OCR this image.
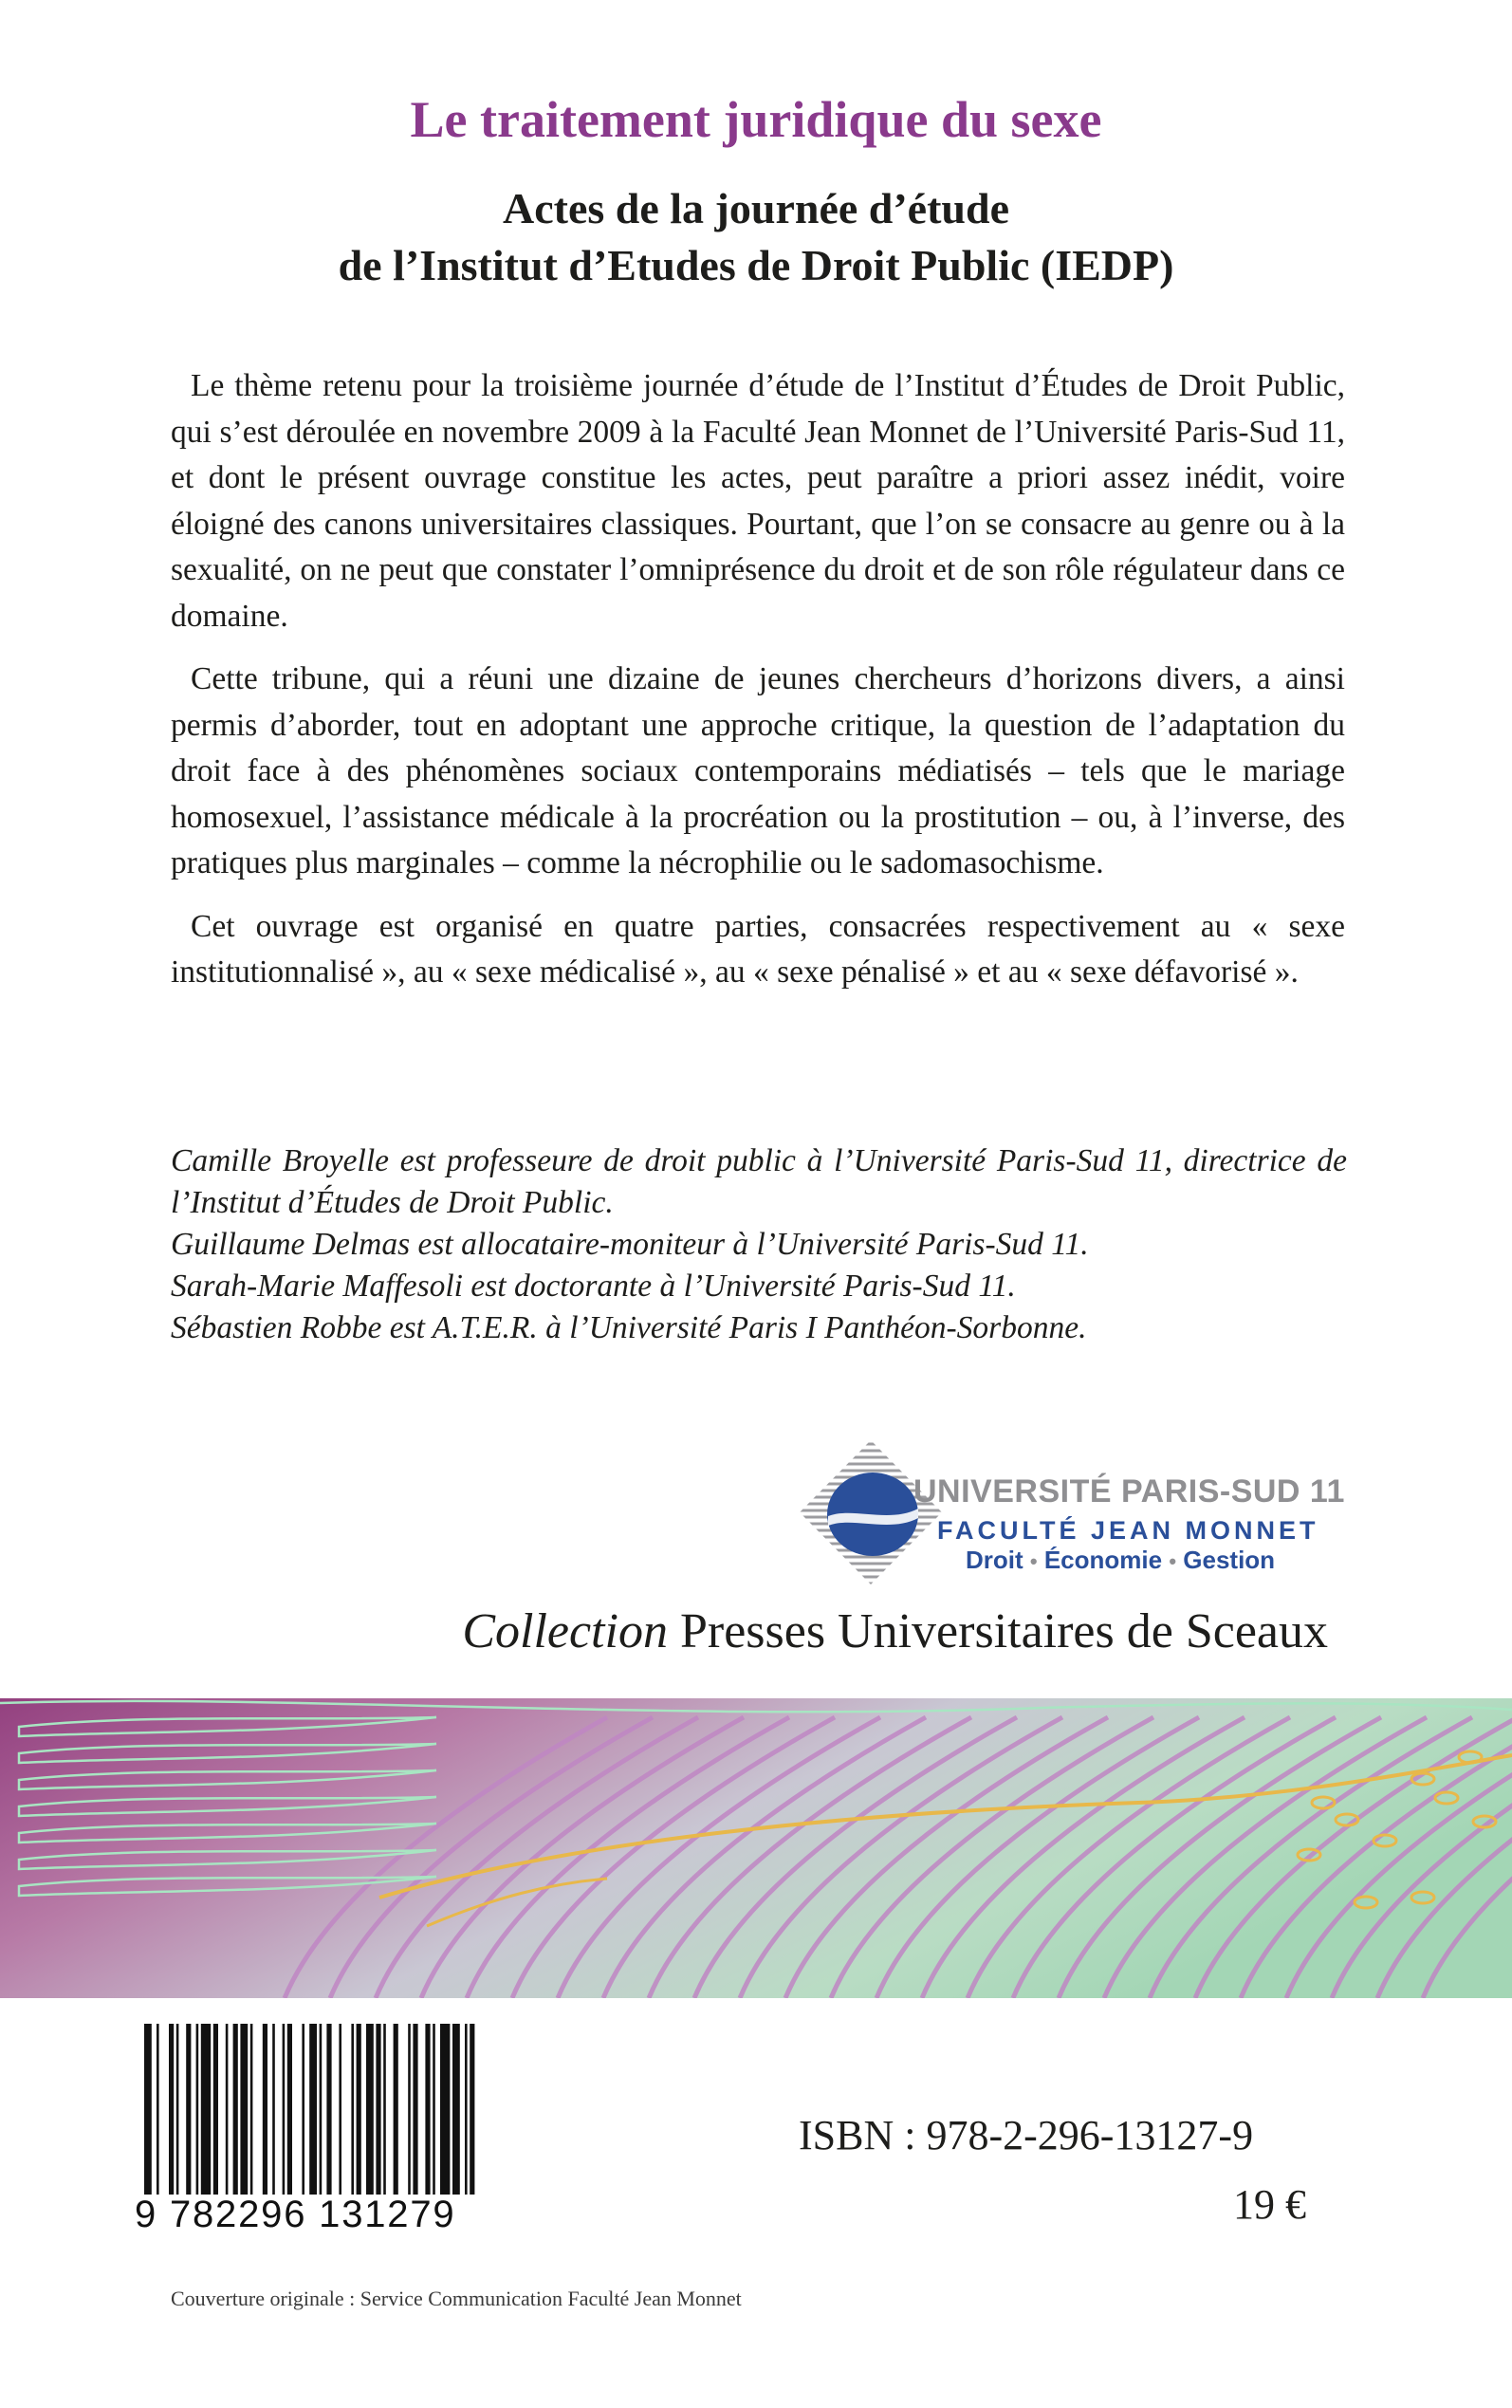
Le traitement juridique du sexe
Actes de la journée d’étude
de l’Institut d’Etudes de Droit Public (IEDP)

Le thème retenu pour la troisième journée d’étude de l’Institut d’Études de Droit Public, qui s’est déroulée en novembre 2009 à la Faculté Jean Monnet de l’Université Paris-Sud 11, et dont le présent ouvrage constitue les actes, peut paraître a priori assez inédit, voire éloigné des canons universitaires classiques. Pourtant, que l’on se consacre au genre ou à la sexualité, on ne peut que constater l’omniprésence du droit et de son rôle régulateur dans ce domaine.

Cette tribune, qui a réuni une dizaine de jeunes chercheurs d’horizons divers, a ainsi permis d’aborder, tout en adoptant une approche critique, la question de l’adaptation du droit face à des phénomènes sociaux contemporains médiatisés – tels que le mariage homosexuel, l’assistance médicale à la procréation ou la prostitution – ou, à l’inverse, des pratiques plus marginales – comme la nécrophilie ou le sadomasochisme.

Cet ouvrage est organisé en quatre parties, consacrées respectivement au « sexe institutionnalisé », au « sexe médicalisé », au « sexe pénalisé » et au « sexe défavorisé ».

Camille Broyelle est professeure de droit public à l’Université Paris-Sud 11, directrice de l’Institut d’Études de Droit Public.
Guillaume Delmas est allocataire-moniteur à l’Université Paris-Sud 11.
Sarah-Marie Maffesoli est doctorante à l’Université Paris-Sud 11.
Sébastien Robbe est A.T.E.R. à l’Université Paris I Panthéon-Sorbonne.
UNIVERSITÉ PARIS-SUD 11
FACULTÉ JEAN MONNET
Droit • Économie • Gestion
Collection Presses Universitaires de Sceaux
9 782296 131279
ISBN : 978-2-296-13127-9
19 €
Couverture originale : Service Communication Faculté Jean Monnet
